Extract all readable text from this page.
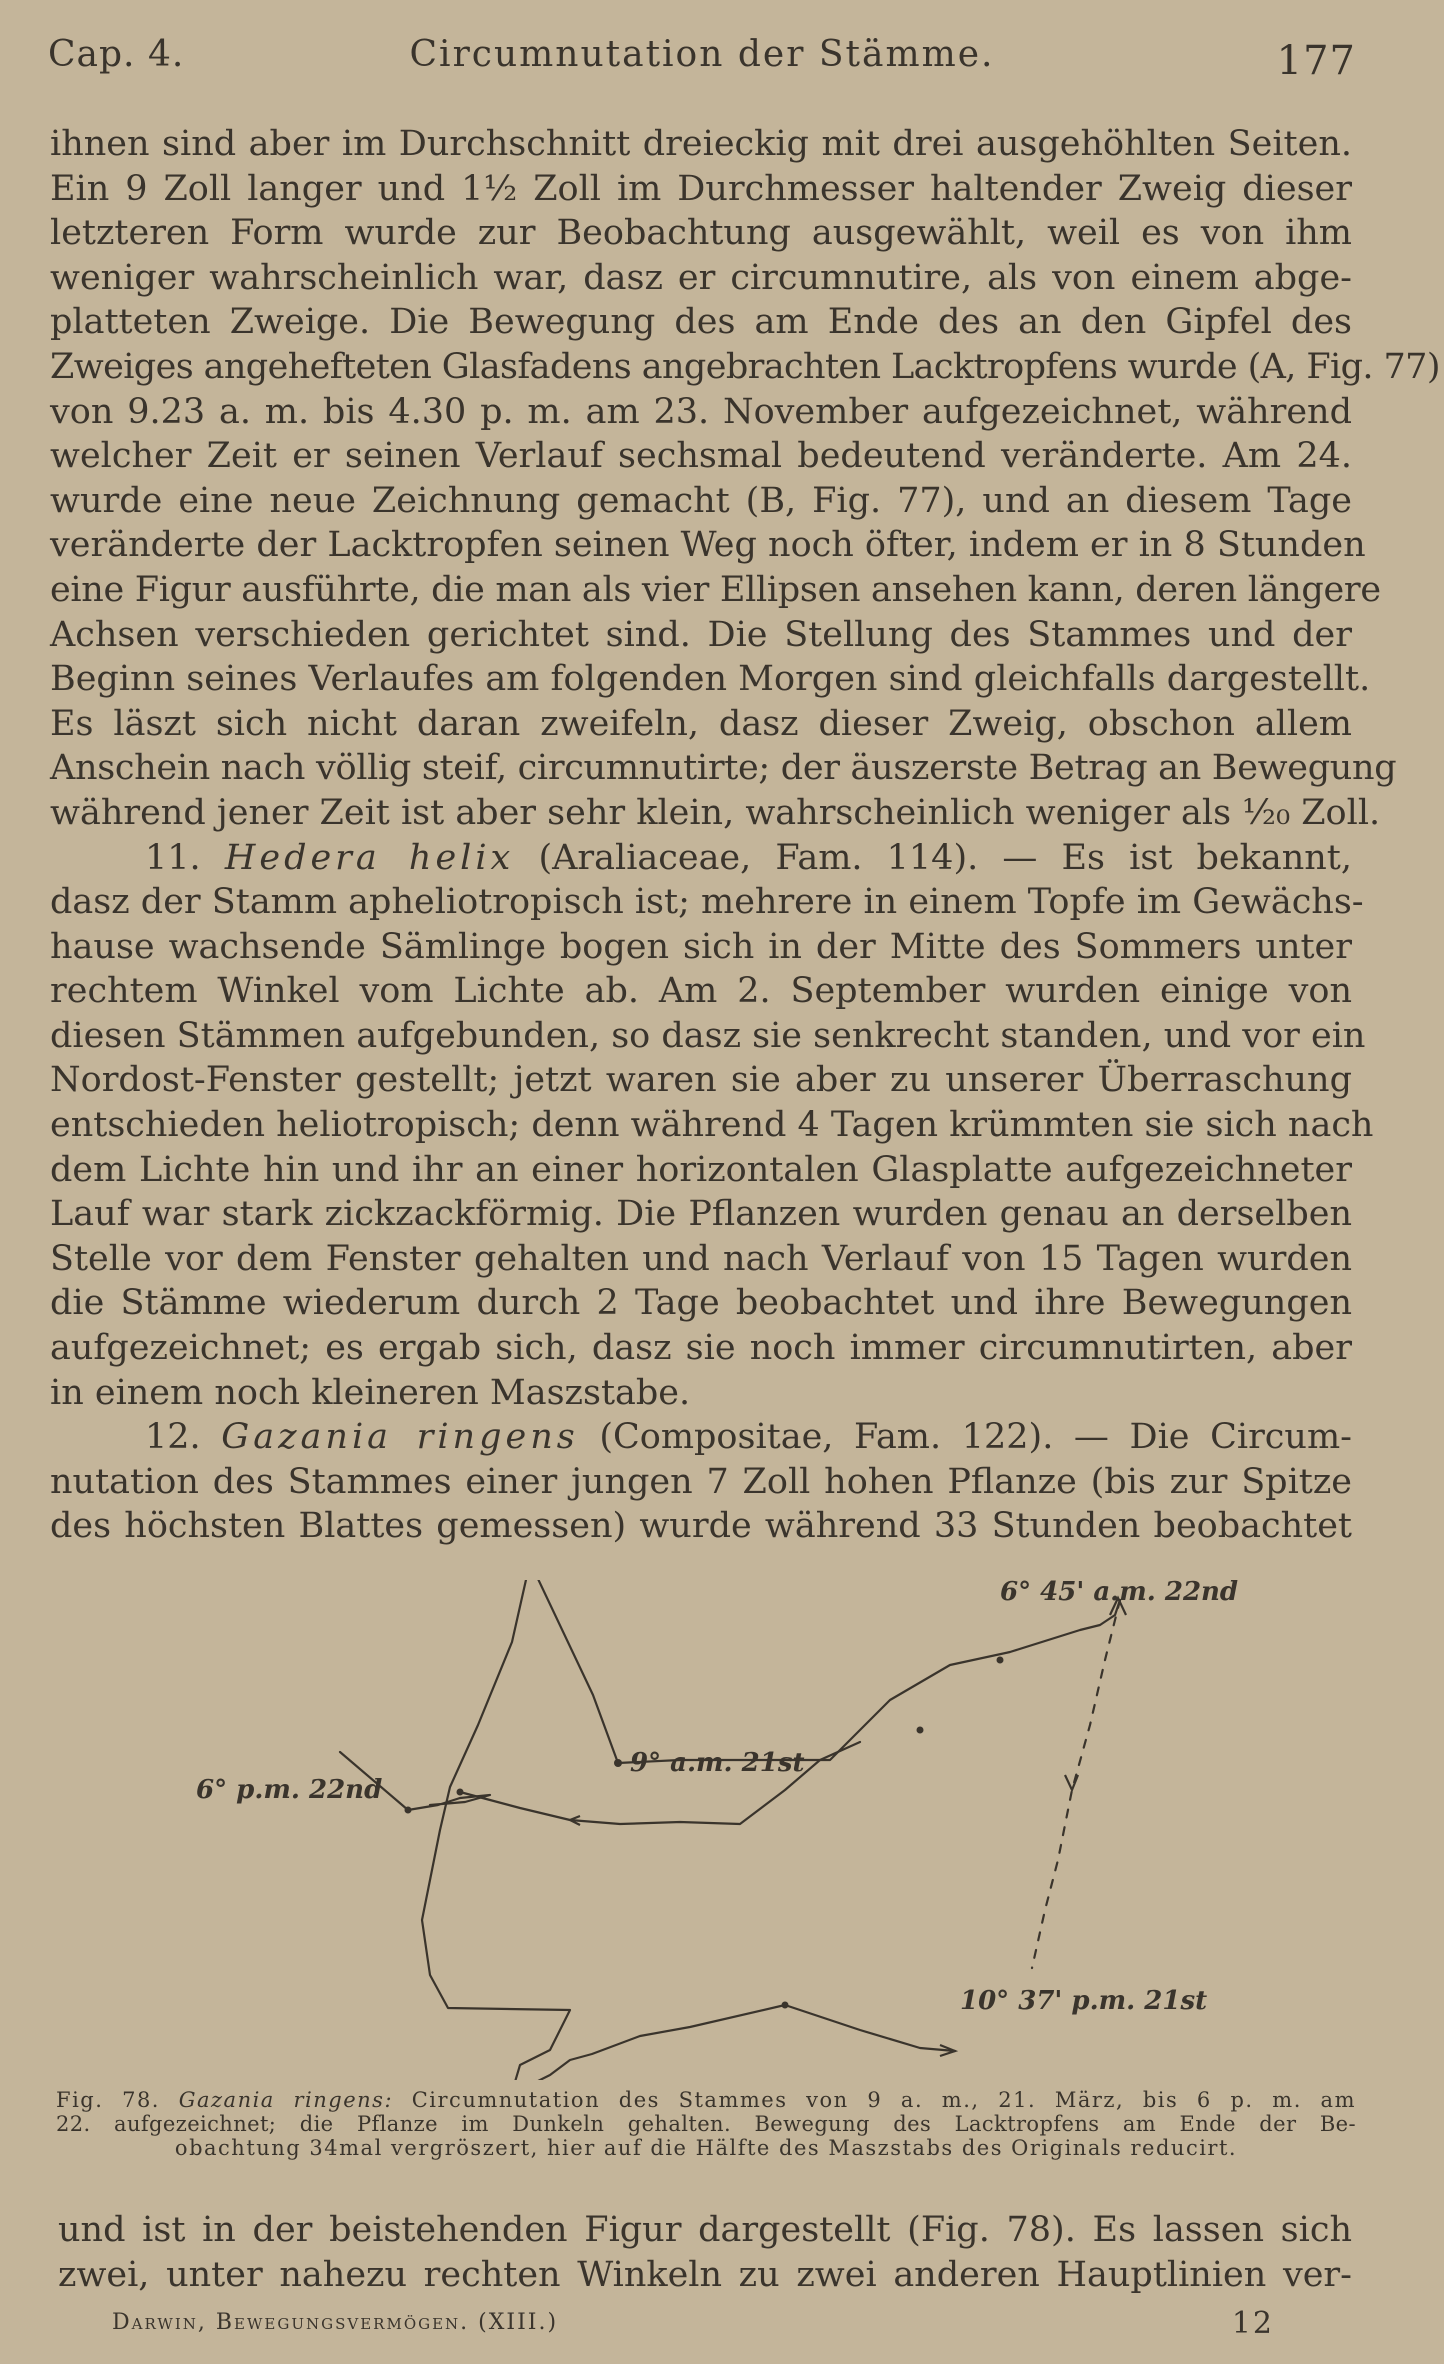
Cap. 4.	Circumnutation der Stämme.	177
ihnen sind aber im Durchschnitt dreieckig mit drei ausgehöhlten Seiten.
Ein 9 Zoll langer und 1½ Zoll im Durchmesser haltender Zweig dieser
letzteren Form wurde zur Beobachtung ausgewählt, weil es von ihm
weniger wahrscheinlich war, dasz er circumnutire, als von einem abge-
platteten Zweige. Die Bewegung des am Ende des an den Gipfel des
Zweiges angehefteten Glasfadens angebrachten Lacktropfens wurde (A, Fig. 77)
von 9.23 a. m. bis 4.30 p. m. am 23. November aufgezeichnet, während
welcher Zeit er seinen Verlauf sechsmal bedeutend veränderte. Am 24.
wurde eine neue Zeichnung gemacht (B, Fig. 77), und an diesem Tage
veränderte der Lacktropfen seinen Weg noch öfter, indem er in 8 Stunden
eine Figur ausführte, die man als vier Ellipsen ansehen kann, deren längere
Achsen verschieden gerichtet sind. Die Stellung des Stammes und der
Beginn seines Verlaufes am folgenden Morgen sind gleichfalls dargestellt.
Es läszt sich nicht daran zweifeln, dasz dieser Zweig, obschon allem
Anschein nach völlig steif, circumnutirte; der äuszerste Betrag an Bewegung
während jener Zeit ist aber sehr klein, wahrscheinlich weniger als ¹⁄₂₀ Zoll.
11. Hedera helix (Araliaceae, Fam. 114). — Es ist bekannt,
dasz der Stamm apheliotropisch ist; mehrere in einem Topfe im Gewächs-
hause wachsende Sämlinge bogen sich in der Mitte des Sommers unter
rechtem Winkel vom Lichte ab. Am 2. September wurden einige von
diesen Stämmen aufgebunden, so dasz sie senkrecht standen, und vor ein
Nordost-Fenster gestellt; jetzt waren sie aber zu unserer Überraschung
entschieden heliotropisch; denn während 4 Tagen krümmten sie sich nach
dem Lichte hin und ihr an einer horizontalen Glasplatte aufgezeichneter
Lauf war stark zickzackförmig. Die Pflanzen wurden genau an derselben
Stelle vor dem Fenster gehalten und nach Verlauf von 15 Tagen wurden
die Stämme wiederum durch 2 Tage beobachtet und ihre Bewegungen
aufgezeichnet; es ergab sich, dasz sie noch immer circumnutirten, aber
in einem noch kleineren Maszstabe.
12. Gazania ringens (Compositae, Fam. 122). — Die Circum-
nutation des Stammes einer jungen 7 Zoll hohen Pflanze (bis zur Spitze
des höchsten Blattes gemessen) wurde während 33 Stunden beobachtet
9° a.m. 21st
6° p.m. 22nd
6° 45' a.m. 22nd
10° 37' p.m. 21st
Fig. 78. Gazania ringens: Circumnutation des Stammes von 9 a. m., 21. März, bis 6 p. m. am
22. aufgezeichnet; die Pflanze im Dunkeln gehalten. Bewegung des Lacktropfens am Ende der Be-
obachtung 34mal vergröszert, hier auf die Hälfte des Maszstabs des Originals reducirt.
und ist in der beistehenden Figur dargestellt (Fig. 78). Es lassen sich
zwei, unter nahezu rechten Winkeln zu zwei anderen Hauptlinien ver-
Darwin, Bewegungsvermögen. (XIII.)	12
